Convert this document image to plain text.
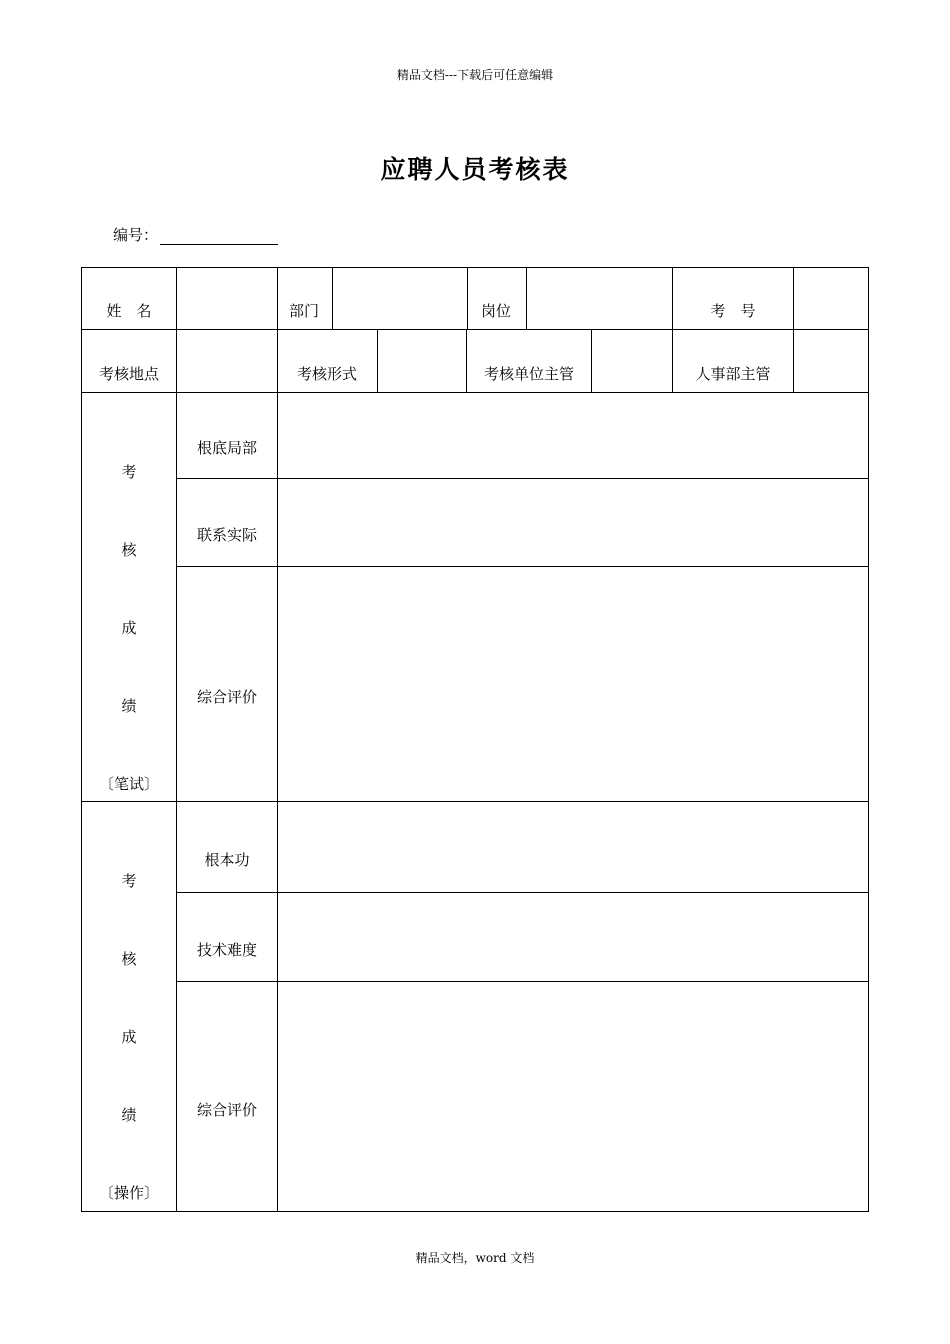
精品文档---下载后可任意编辑
应聘人员考核表
编号：
姓　名	部门	岗位	考　号
考核地点	考核形式	考核单位主管	人事部主管
考
核
成
绩
〔笔试〕
根底局部
联系实际
综合评价
考
核
成
绩
〔操作〕
根本功
技术难度
综合评价
精品文档，word 文档
